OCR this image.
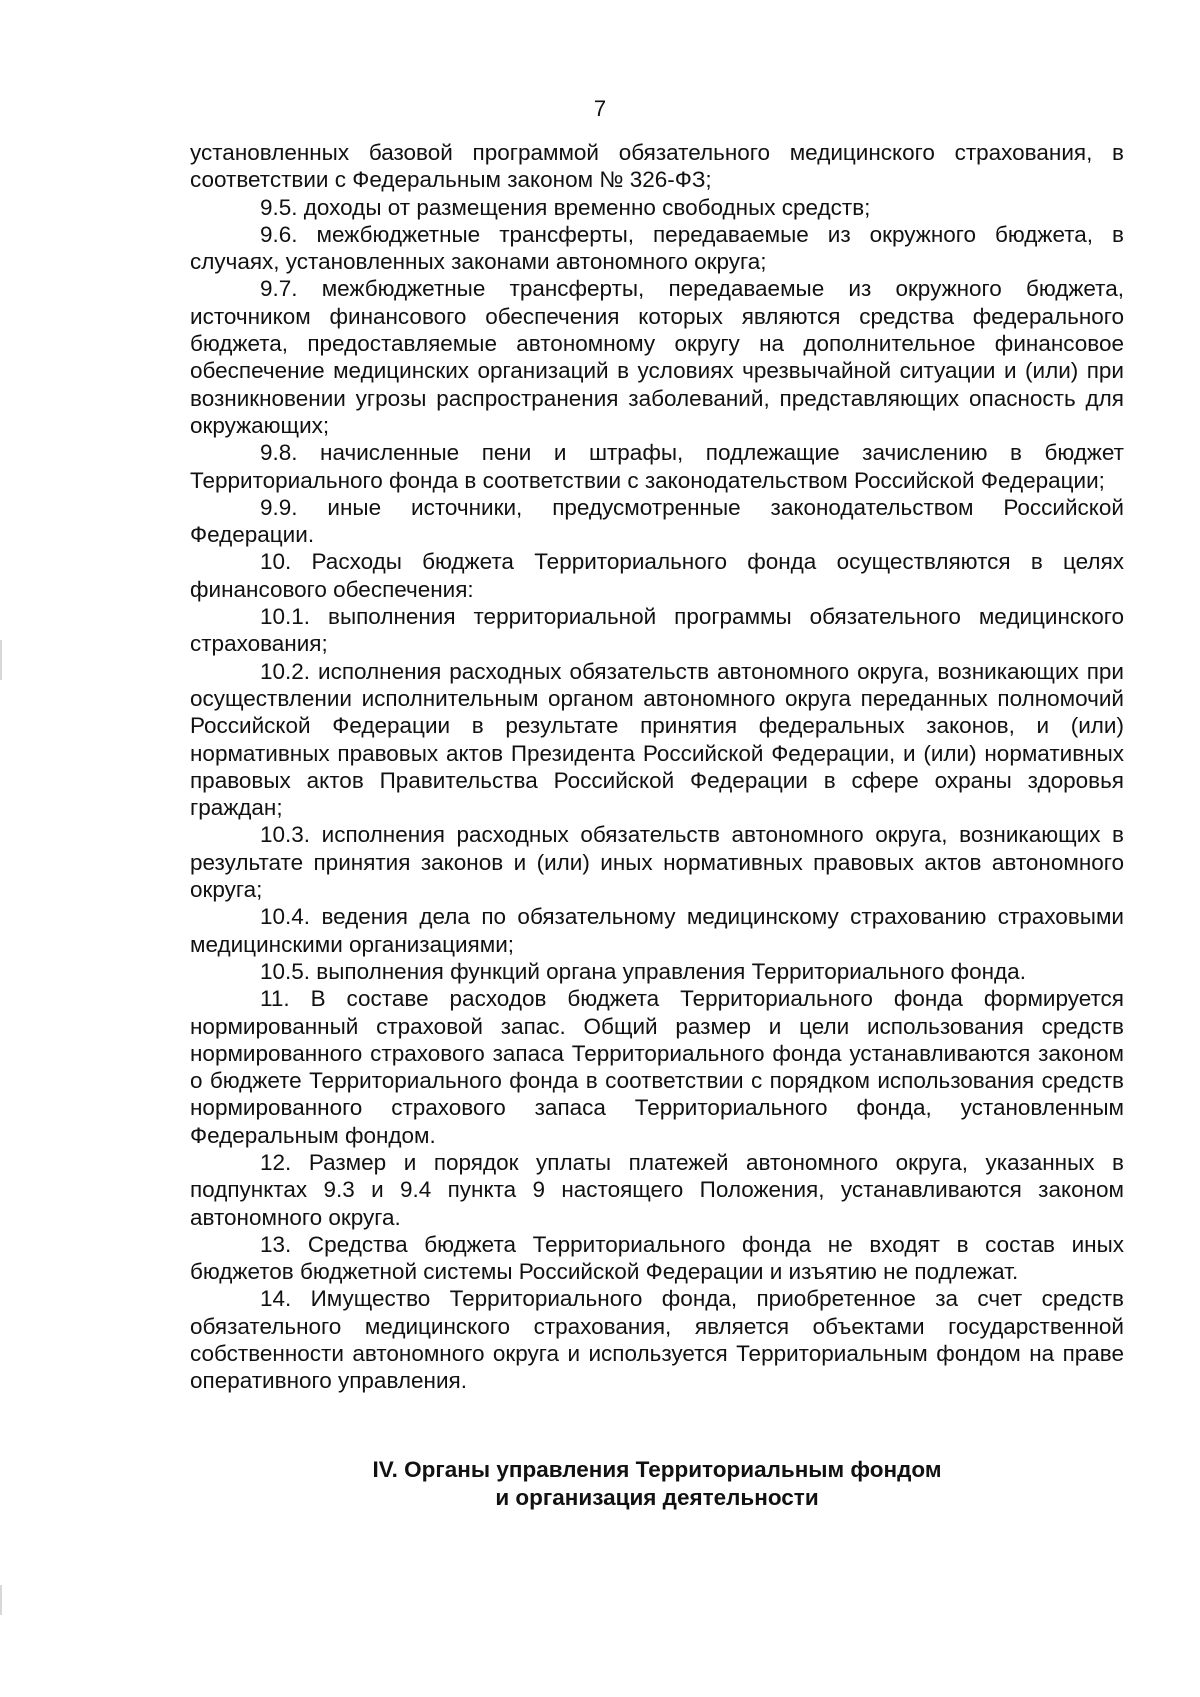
7

установленных базовой программой обязательного медицинского страхования, в соответствии с Федеральным законом № 326-ФЗ;

9.5. доходы от размещения временно свободных средств;

9.6. межбюджетные трансферты, передаваемые из окружного бюджета, в случаях, установленных законами автономного округа;

9.7. межбюджетные трансферты, передаваемые из окружного бюджета, источником финансового обеспечения которых являются средства федерального бюджета, предоставляемые автономному округу на дополнительное финансовое обеспечение медицинских организаций в условиях чрезвычайной ситуации и (или) при возникновении угрозы распространения заболеваний, представляющих опасность для окружающих;

9.8. начисленные пени и штрафы, подлежащие зачислению в бюджет Территориального фонда в соответствии с законодательством Российской Федерации;

9.9. иные источники, предусмотренные законодательством Российской Федерации.

10. Расходы бюджета Территориального фонда осуществляются в целях финансового обеспечения:

10.1. выполнения территориальной программы обязательного медицинского страхования;

10.2. исполнения расходных обязательств автономного округа, возникающих при осуществлении исполнительным органом автономного округа переданных полномочий Российской Федерации в результате принятия федеральных законов, и (или) нормативных правовых актов Президента Российской Федерации, и (или) нормативных правовых актов Правительства Российской Федерации в сфере охраны здоровья граждан;

10.3. исполнения расходных обязательств автономного округа, возникающих в результате принятия законов и (или) иных нормативных правовых актов автономного округа;

10.4. ведения дела по обязательному медицинскому страхованию страховыми медицинскими организациями;

10.5. выполнения функций органа управления Территориального фонда.

11. В составе расходов бюджета Территориального фонда формируется нормированный страховой запас. Общий размер и цели использования средств нормированного страхового запаса Территориального фонда устанавливаются законом о бюджете Территориального фонда в соответствии с порядком использования средств нормированного страхового запаса Территориального фонда, установленным Федеральным фондом.

12. Размер и порядок уплаты платежей автономного округа, указанных в подпунктах 9.3 и 9.4 пункта 9 настоящего Положения, устанавливаются законом автономного округа.

13. Средства бюджета Территориального фонда не входят в состав иных бюджетов бюджетной системы Российской Федерации и изъятию не подлежат.

14. Имущество Территориального фонда, приобретенное за счет средств обязательного медицинского страхования, является объектами государственной собственности автономного округа и используется Территориальным фондом на праве оперативного управления.

IV. Органы управления Территориальным фондом
и организация деятельности
